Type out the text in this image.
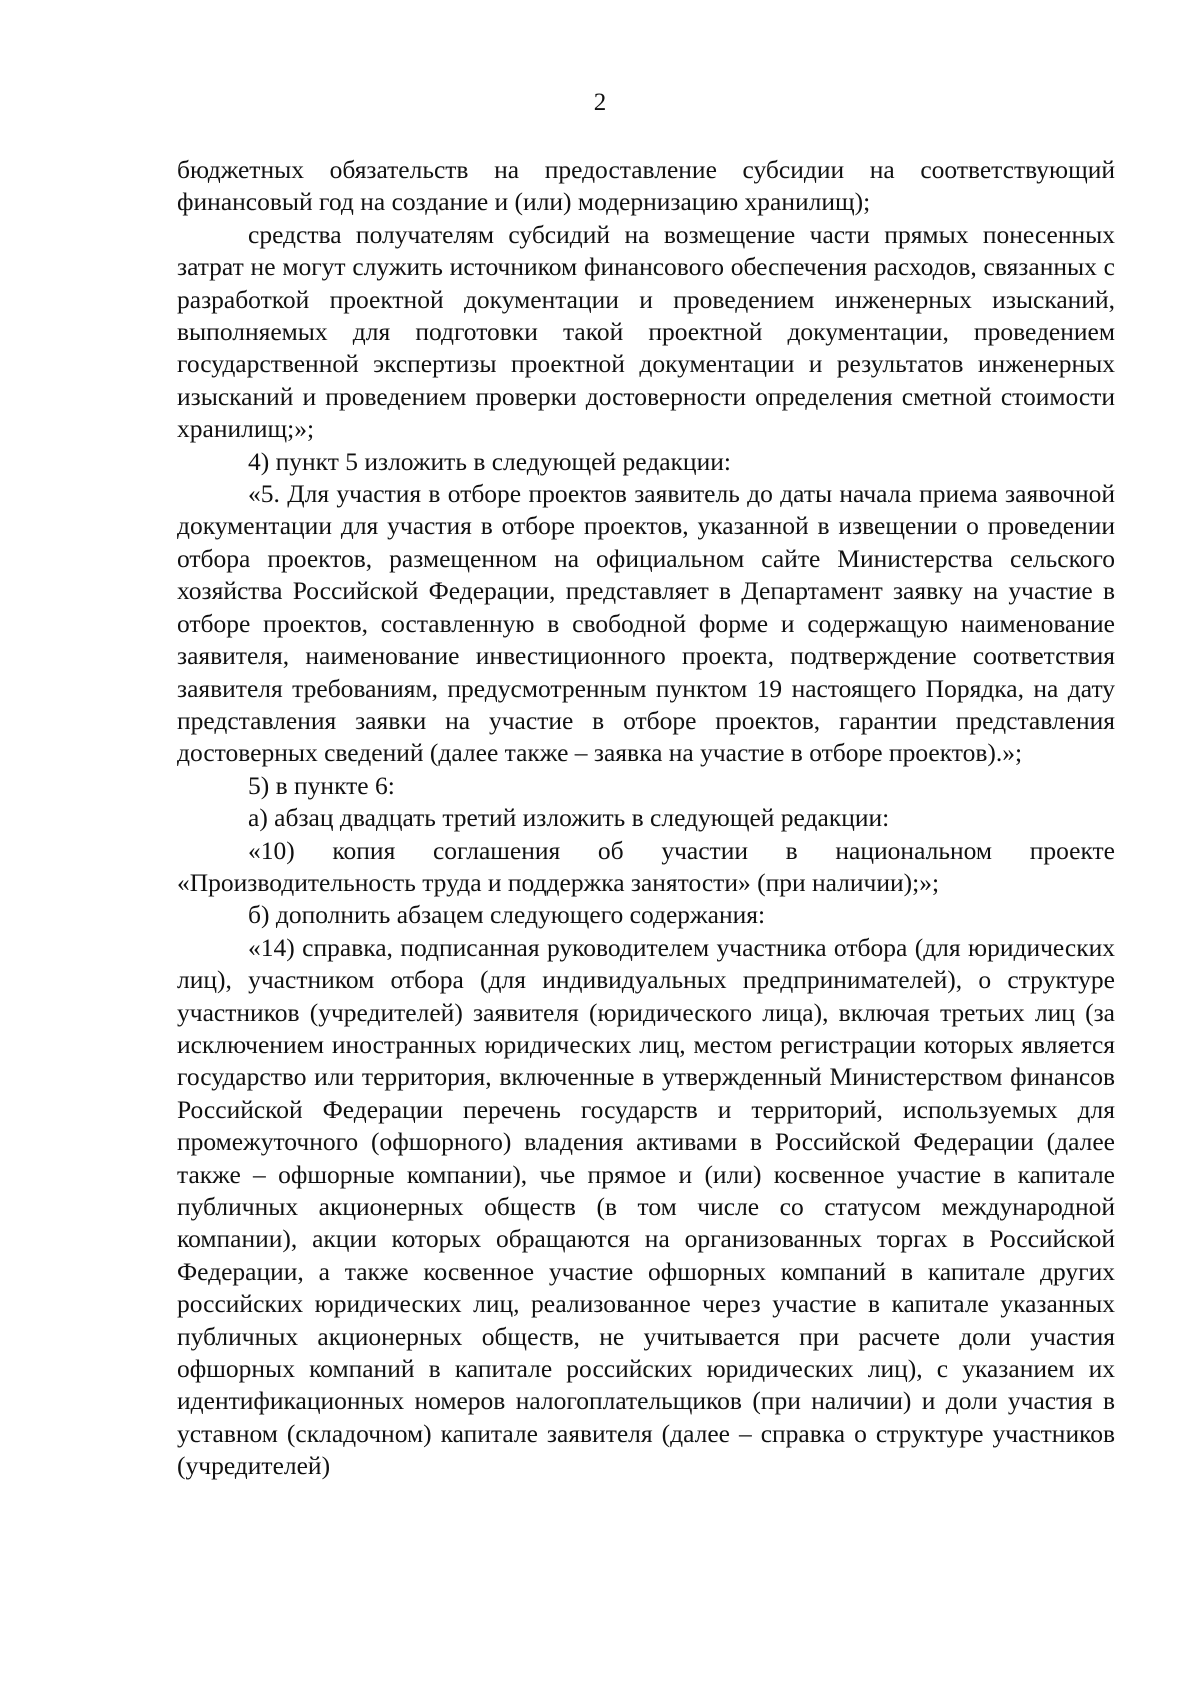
2

бюджетных обязательств на предоставление субсидии на соответствующий финансовый год на создание и (или) модернизацию хранилищ);

средства получателям субсидий на возмещение части прямых понесенных затрат не могут служить источником финансового обеспечения расходов, связанных с разработкой проектной документации и проведением инженерных изысканий, выполняемых для подготовки такой проектной документации, проведением государственной экспертизы проектной документации и результатов инженерных изысканий и проведением проверки достоверности определения сметной стоимости хранилищ;»;

4) пункт 5 изложить в следующей редакции:

«5. Для участия в отборе проектов заявитель до даты начала приема заявочной документации для участия в отборе проектов, указанной в извещении о проведении отбора проектов, размещенном на официальном сайте Министерства сельского хозяйства Российской Федерации, представляет в Департамент заявку на участие в отборе проектов, составленную в свободной форме и содержащую наименование заявителя, наименование инвестиционного проекта, подтверждение соответствия заявителя требованиям, предусмотренным пунктом 19 настоящего Порядка, на дату представления заявки на участие в отборе проектов, гарантии представления достоверных сведений (далее также – заявка на участие в отборе проектов).»;

5) в пункте 6:

а) абзац двадцать третий изложить в следующей редакции:

«10) копия соглашения об участии в национальном проекте «Производительность труда и поддержка занятости» (при наличии);»;

б) дополнить абзацем следующего содержания:

«14) справка, подписанная руководителем участника отбора (для юридических лиц), участником отбора (для индивидуальных предпринимателей), о структуре участников (учредителей) заявителя (юридического лица), включая третьих лиц (за исключением иностранных юридических лиц, местом регистрации которых является государство или территория, включенные в утвержденный Министерством финансов Российской Федерации перечень государств и территорий, используемых для промежуточного (офшорного) владения активами в Российской Федерации (далее также – офшорные компании), чье прямое и (или) косвенное участие в капитале публичных акционерных обществ (в том числе со статусом международной компании), акции которых обращаются на организованных торгах в Российской Федерации, а также косвенное участие офшорных компаний в капитале других российских юридических лиц, реализованное через участие в капитале указанных публичных акционерных обществ, не учитывается при расчете доли участия офшорных компаний в капитале российских юридических лиц), с указанием их идентификационных номеров налогоплательщиков (при наличии) и доли участия в уставном (складочном) капитале заявителя (далее – справка о структуре участников (учредителей)
